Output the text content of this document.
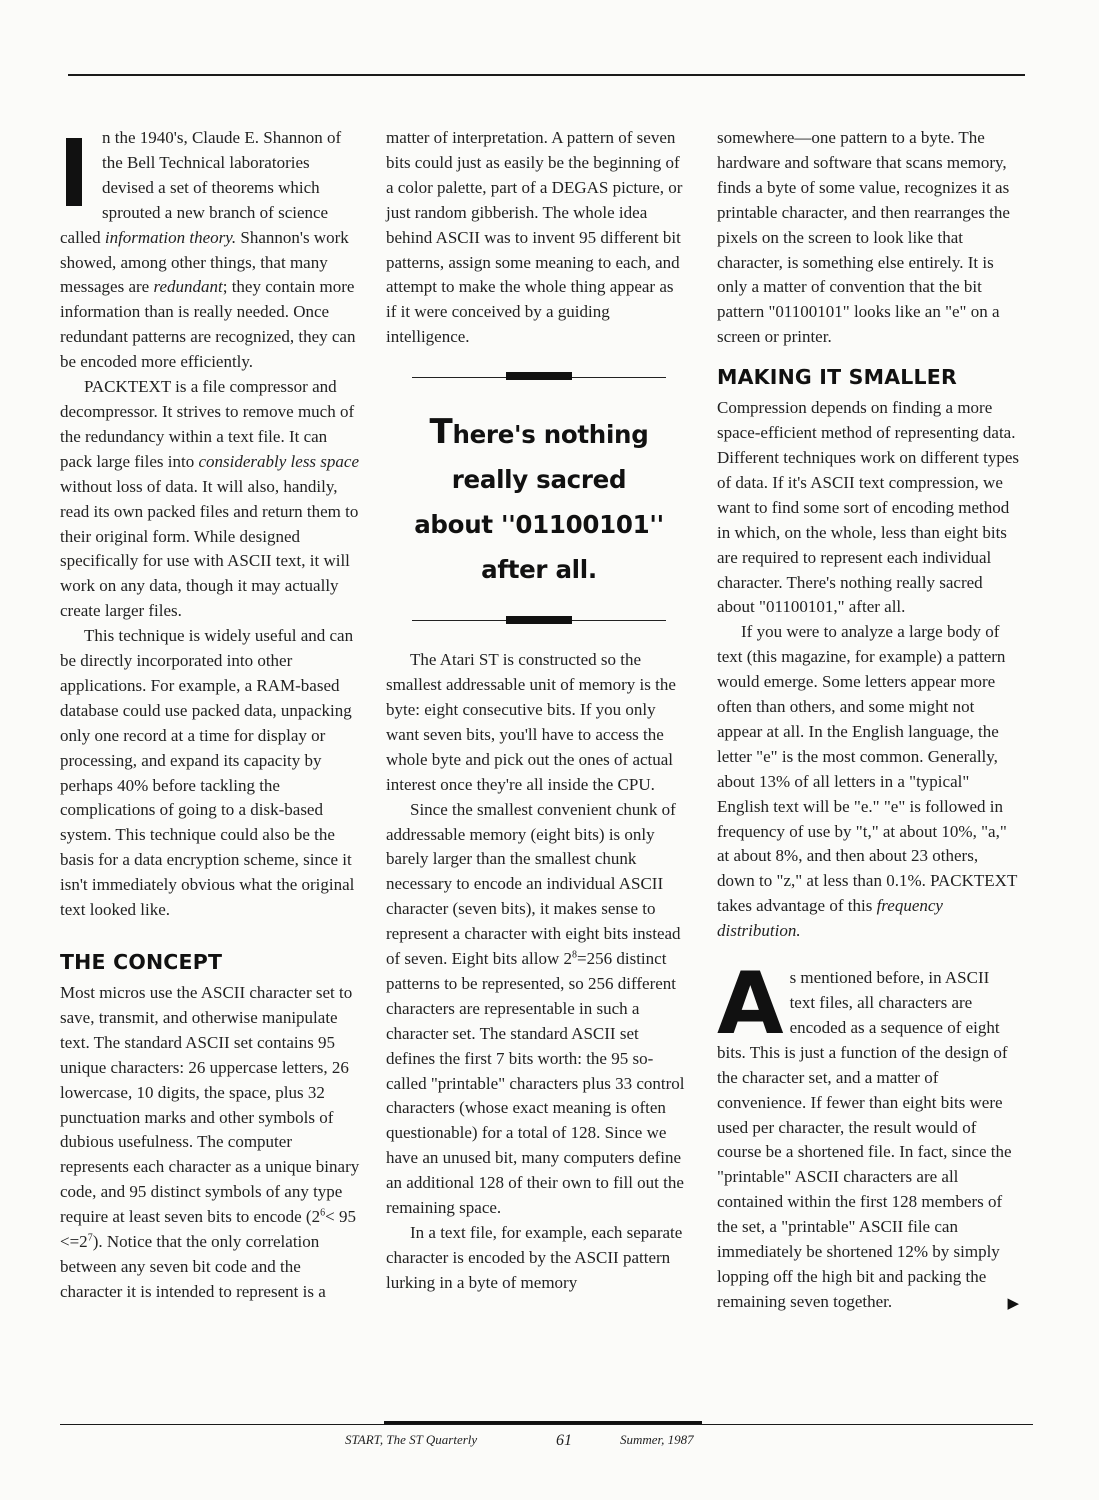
n the 1940's, Claude E. Shannon of the Bell Technical laboratories devised a set of theorems which sprouted a new branch of science called information theory. Shannon's work showed, among other things, that many messages are redundant; they contain more information than is really needed. Once redundant patterns are recognized, they can be encoded more efficiently.

PACKTEXT is a file compressor and decompressor. It strives to remove much of the redundancy within a text file. It can pack large files into considerably less space without loss of data. It will also, handily, read its own packed files and return them to their original form. While designed specifically for use with ASCII text, it will work on any data, though it may actually create larger files.

This technique is widely useful and can be directly incorporated into other applications. For example, a RAM-based database could use packed data, unpacking only one record at a time for display or processing, and expand its capacity by perhaps 40% before tackling the complications of going to a disk-based system. This technique could also be the basis for a data encryption scheme, since it isn't immediately obvious what the original text looked like.

THE CONCEPT

Most micros use the ASCII character set to save, transmit, and otherwise manipulate text. The standard ASCII set contains 95 unique characters: 26 uppercase letters, 26 lowercase, 10 digits, the space, plus 32 punctuation marks and other symbols of dubious usefulness. The computer represents each character as a unique binary code, and 95 distinct symbols of any type require at least seven bits to encode $(2^6< 95 <=2^7)$. Notice that the only correlation between any seven bit code and the character it is intended to represent is a

matter of interpretation. A pattern of seven bits could just as easily be the beginning of a color palette, part of a DEGAS picture, or just random gibberish. The whole idea behind ASCII was to invent 95 different bit patterns, assign some meaning to each, and attempt to make the whole thing appear as if it were conceived by a guiding intelligence.

There's nothing really sacred about ''01100101'' after all.

The Atari ST is constructed so the smallest addressable unit of memory is the byte: eight consecutive bits. If you only want seven bits, you'll have to access the whole byte and pick out the ones of actual interest once they're all inside the CPU.

Since the smallest convenient chunk of addressable memory (eight bits) is only barely larger than the smallest chunk necessary to encode an individual ASCII character (seven bits), it makes sense to represent a character with eight bits instead of seven. Eight bits allow $2^8=256$ distinct patterns to be represented, so 256 different characters are representable in such a character set. The standard ASCII set defines the first 7 bits worth: the 95 so-called "printable" characters plus 33 control characters (whose exact meaning is often questionable) for a total of 128. Since we have an unused bit, many computers define an additional 128 of their own to fill out the remaining space.

In a text file, for example, each separate character is encoded by the ASCII pattern lurking in a byte of memory

somewhere—one pattern to a byte. The hardware and software that scans memory, finds a byte of some value, recognizes it as printable character, and then rearranges the pixels on the screen to look like that character, is something else entirely. It is only a matter of convention that the bit pattern "01100101" looks like an "e" on a screen or printer.

MAKING IT SMALLER

Compression depends on finding a more space-efficient method of representing data. Different techniques work on different types of data. If it's ASCII text compression, we want to find some sort of encoding method in which, on the whole, less than eight bits are required to represent each individual character. There's nothing really sacred about "01100101," after all.

If you were to analyze a large body of text (this magazine, for example) a pattern would emerge. Some letters appear more often than others, and some might not appear at all. In the English language, the letter "e" is the most common. Generally, about 13% of all letters in a "typical" English text will be "e." "e" is followed in frequency of use by "t," at about 10%, "a," at about 8%, and then about 23 others, down to "z," at less than 0.1%. PACKTEXT takes advantage of this frequency distribution.

As mentioned before, in ASCII text files, all characters are encoded as a sequence of eight bits. This is just a function of the design of the character set, and a matter of convenience. If fewer than eight bits were used per character, the result would of course be a shortened file. In fact, since the "printable" ASCII characters are all contained within the first 128 members of the set, a "printable" ASCII file can immediately be shortened 12% by simply lopping off the high bit and packing the remaining seven together.	▶

START, The ST Quarterly	61	Summer, 1987
